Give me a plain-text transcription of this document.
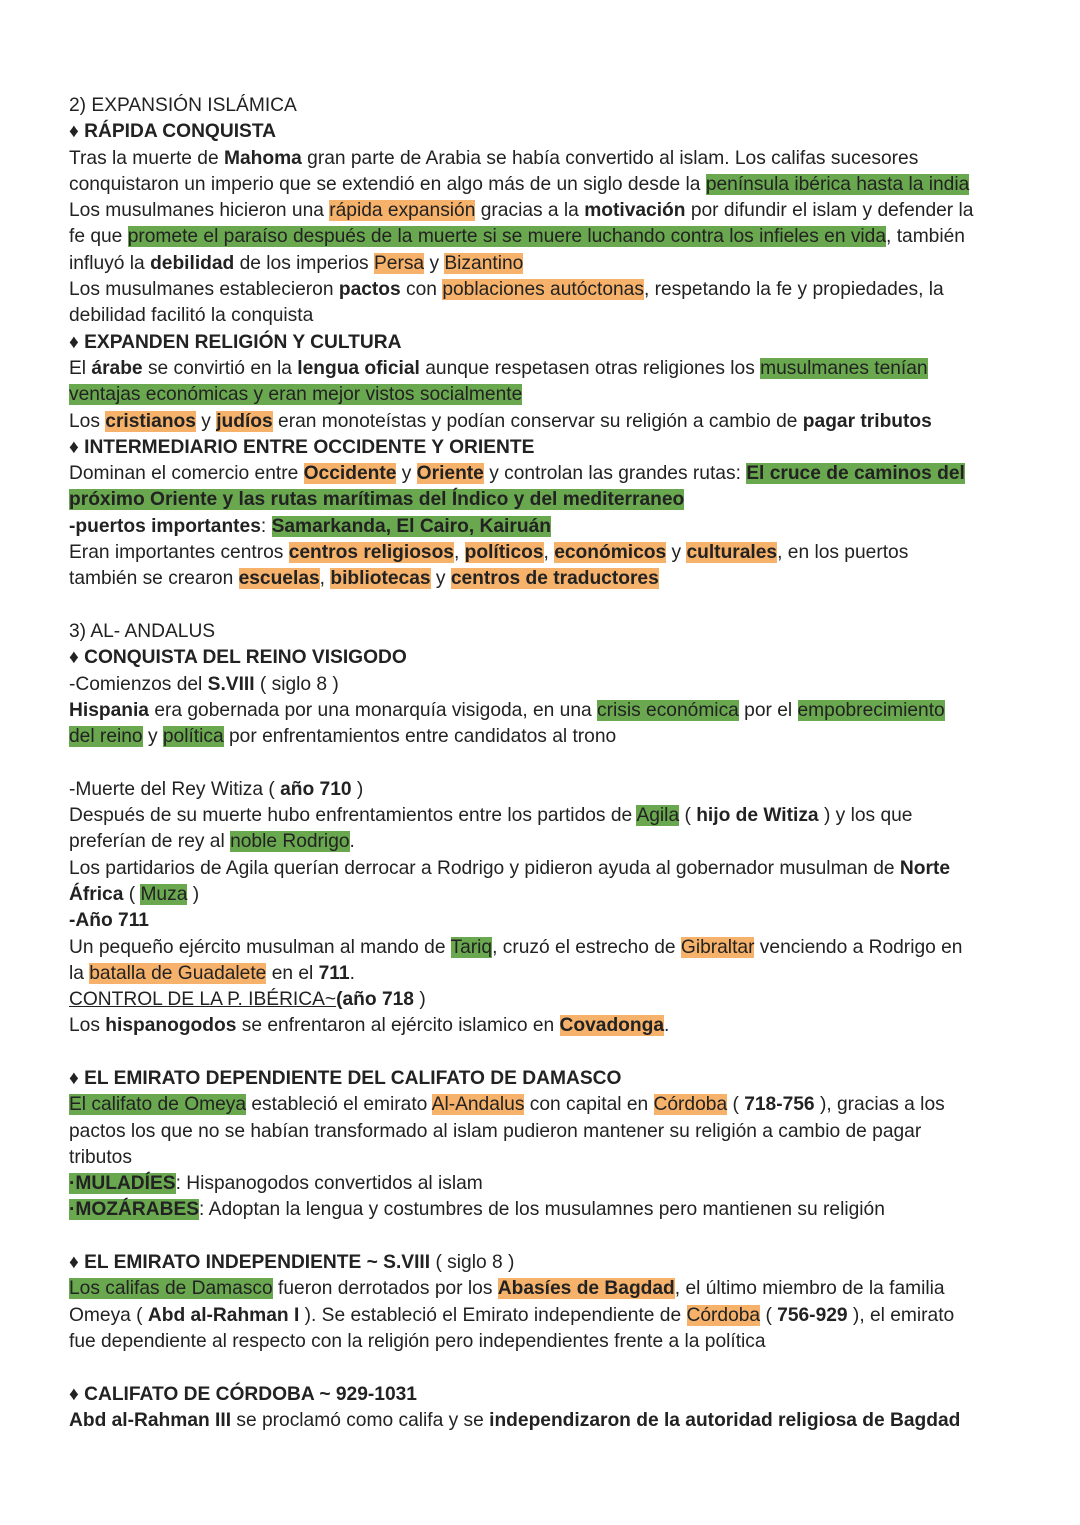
2) EXPANSIÓN ISLÁMICA
♦ RÁPIDA CONQUISTA
Tras la muerte de Mahoma gran parte de Arabia se había convertido al islam. Los califas sucesores
conquistaron un imperio que se extendió en algo más de un siglo desde la península ibérica hasta la india
Los musulmanes hicieron una rápida expansión gracias a la motivación por difundir el islam y defender la
fe que promete el paraíso después de la muerte si se muere luchando contra los infieles en vida, también
influyó la debilidad de los imperios Persa y Bizantino
Los musulmanes establecieron pactos con poblaciones autóctonas, respetando la fe y propiedades, la
debilidad facilitó la conquista
♦ EXPANDEN RELIGIÓN Y CULTURA
El árabe se convirtió en la lengua oficial aunque respetasen otras religiones los musulmanes tenían
ventajas económicas y eran mejor vistos socialmente
Los cristianos y judíos eran monoteístas y podían conservar su religión a cambio de pagar tributos
♦ INTERMEDIARIO ENTRE OCCIDENTE Y ORIENTE
Dominan el comercio entre Occidente y Oriente y controlan las grandes rutas: El cruce de caminos del
próximo Oriente y las rutas marítimas del Índico y del mediterraneo
-puertos importantes: Samarkanda, El Cairo, Kairuán
Eran importantes centros centros religiosos, políticos, económicos y culturales, en los puertos
también se crearon escuelas, bibliotecas y centros de traductores
3) AL- ANDALUS
♦ CONQUISTA DEL REINO VISIGODO
-Comienzos del S.VIII ( siglo 8 )
Hispania era gobernada por una monarquía visigoda, en una crisis económica por el empobrecimiento
del reino y política por enfrentamientos entre candidatos al trono
-Muerte del Rey Witiza ( año 710 )
Después de su muerte hubo enfrentamientos entre los partidos de Agila ( hijo de Witiza ) y los que
preferían de rey al noble Rodrigo.
Los partidarios de Agila querían derrocar a Rodrigo y pidieron ayuda al gobernador musulman de Norte
África ( Muza )
-Año 711
Un pequeño ejército musulman al mando de Tariq, cruzó el estrecho de Gibraltar venciendo a Rodrigo en
la batalla de Guadalete en el 711.
CONTROL DE LA P. IBÉRICA~(año 718 )
Los hispanogodos se enfrentaron al ejército islamico en Covadonga.
♦ EL EMIRATO DEPENDIENTE DEL CALIFATO DE DAMASCO
El califato de Omeya estableció el emirato Al-Andalus con capital en Córdoba ( 718-756 ), gracias a los
pactos los que no se habían transformado al islam pudieron mantener su religión a cambio de pagar
tributos
·MULADÍES: Hispanogodos convertidos al islam
·MOZÁRABES: Adoptan la lengua y costumbres de los musulamnes pero mantienen su religión
♦ EL EMIRATO INDEPENDIENTE ~ S.VIII ( siglo 8 )
Los califas de Damasco fueron derrotados por los Abasíes de Bagdad, el último miembro de la familia
Omeya ( Abd al-Rahman I ). Se estableció el Emirato independiente de Córdoba ( 756-929 ), el emirato
fue dependiente al respecto con la religión pero independientes frente a la política
♦ CALIFATO DE CÓRDOBA ~ 929-1031
Abd al-Rahman III se proclamó como califa y se independizaron de la autoridad religiosa de Bagdad
